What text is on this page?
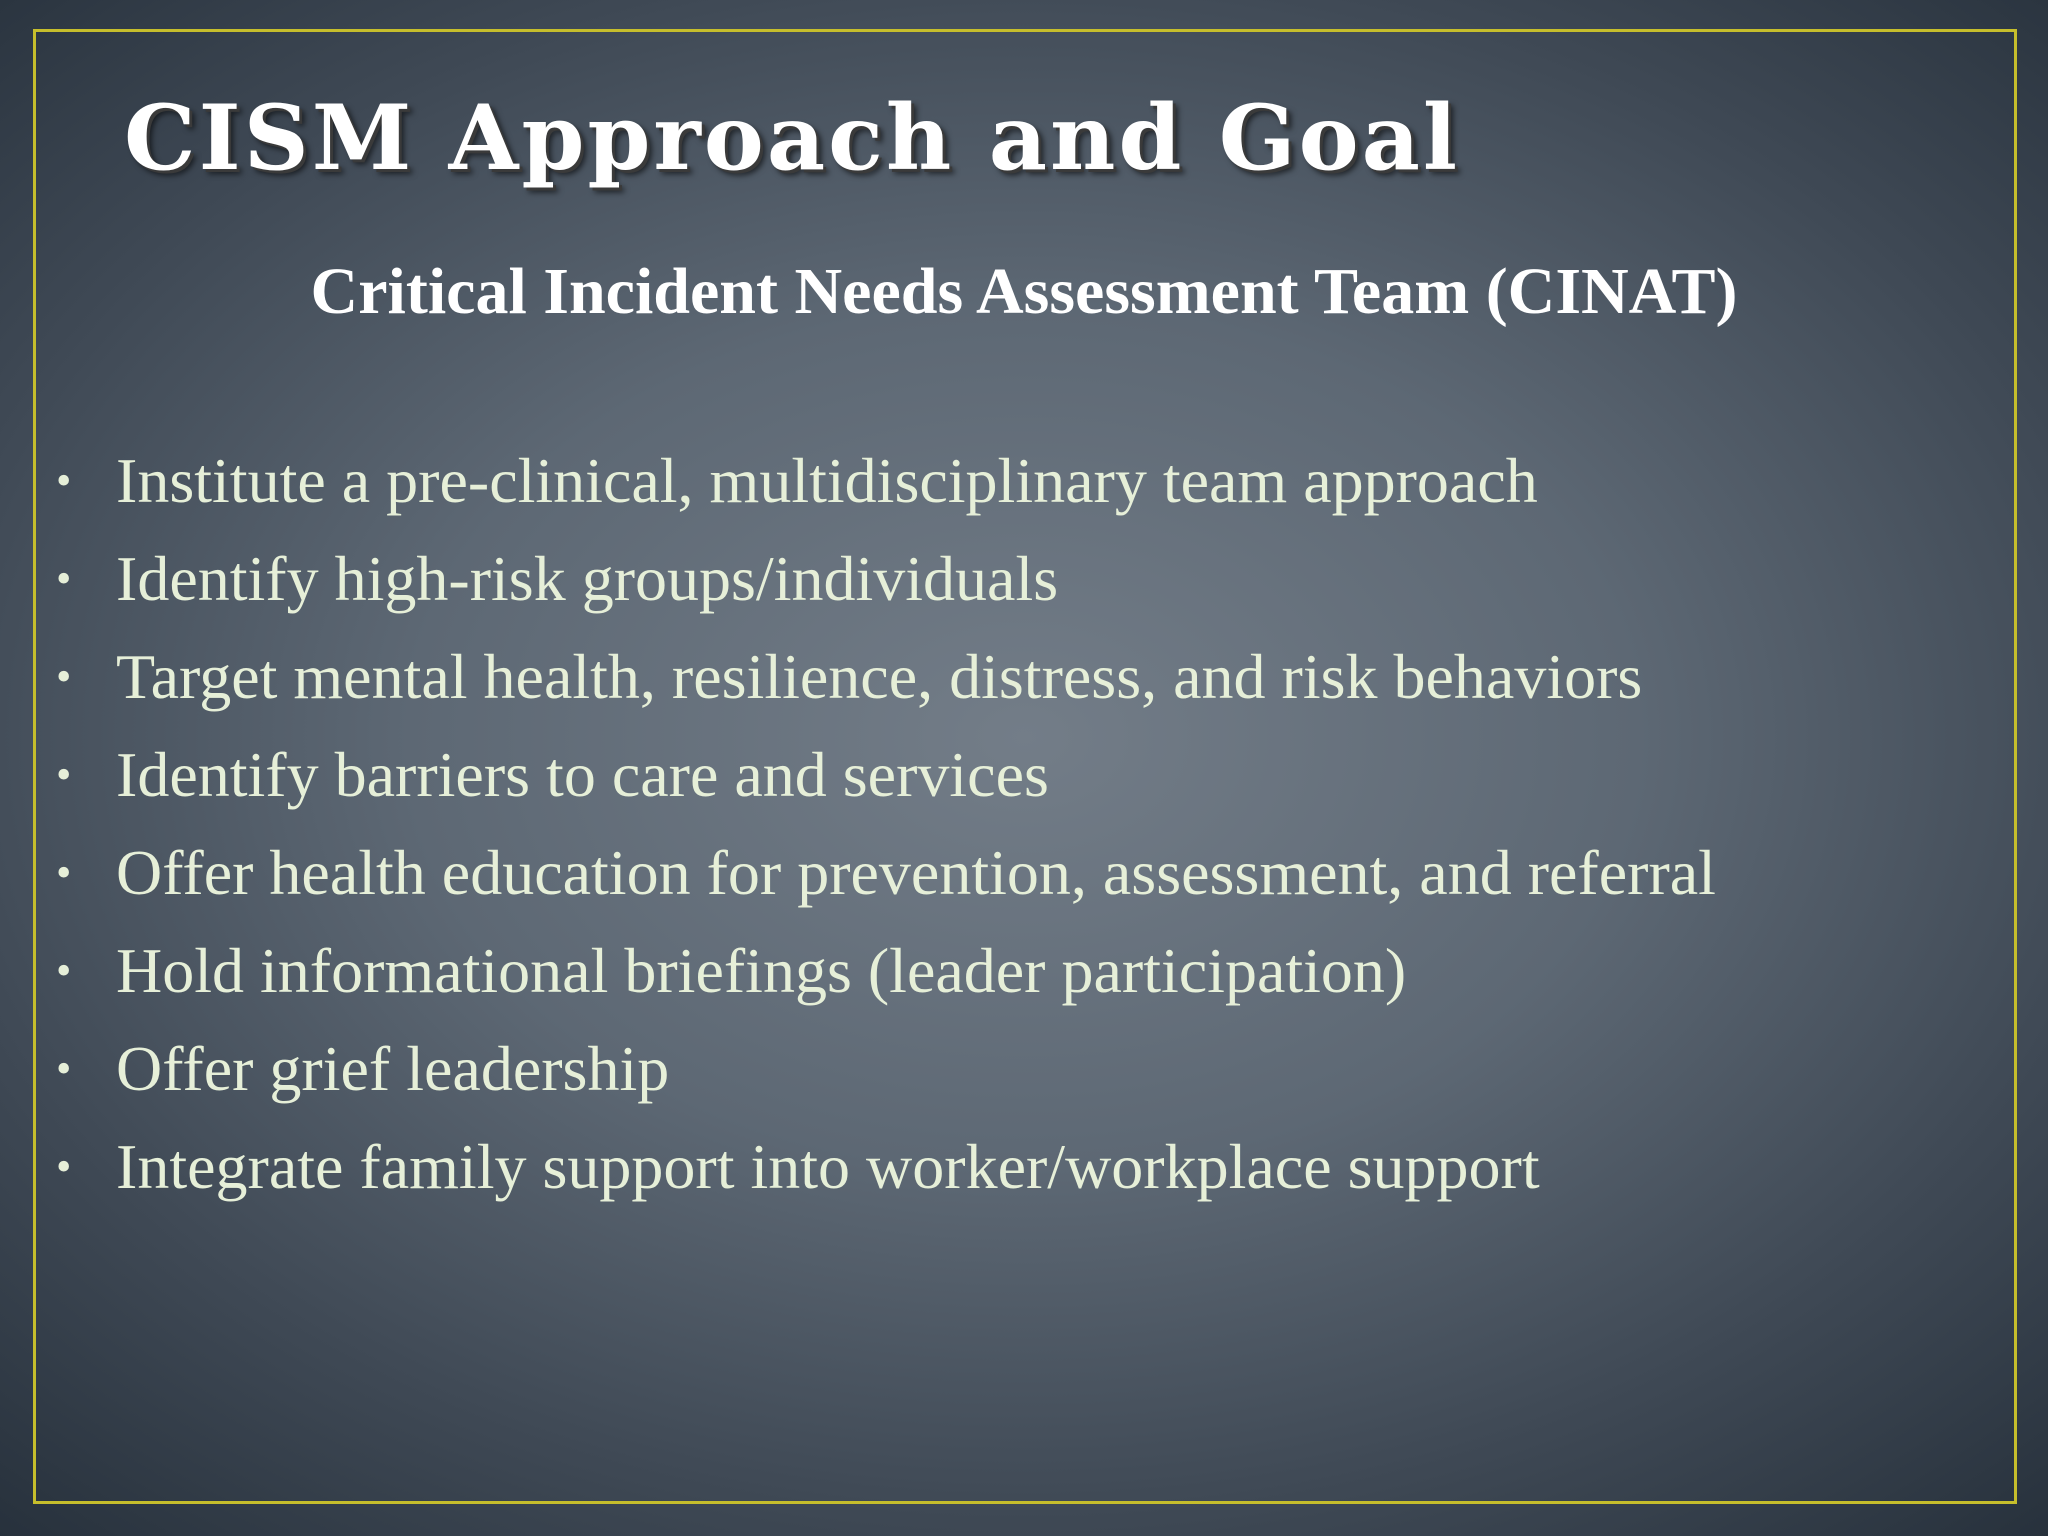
CISM Approach and Goal
Critical Incident Needs Assessment Team (CINAT)
• Institute a pre-clinical, multidisciplinary team approach
• Identify high-risk groups/individuals
• Target mental health, resilience, distress, and risk behaviors
• Identify barriers to care and services
• Offer health education for prevention, assessment, and referral
• Hold informational briefings (leader participation)
• Offer grief leadership
• Integrate family support into worker/workplace support
